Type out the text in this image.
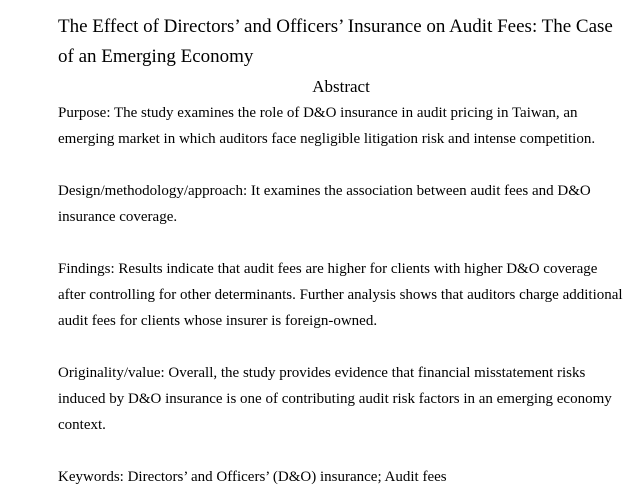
The Effect of Directors’ and Officers’ Insurance on Audit Fees: The Case of an Emerging Economy
Abstract

Purpose: The study examines the role of D&O insurance in audit pricing in Taiwan, an emerging market in which auditors face negligible litigation risk and intense competition.

Design/methodology/approach: It examines the association between audit fees and D&O insurance coverage.

Findings: Results indicate that audit fees are higher for clients with higher D&O coverage after controlling for other determinants. Further analysis shows that auditors charge additional audit fees for clients whose insurer is foreign-owned.

Originality/value: Overall, the study provides evidence that financial misstatement risks induced by D&O insurance is one of contributing audit risk factors in an emerging economy context.

Keywords: Directors’ and Officers’ (D&O) insurance; Audit fees
